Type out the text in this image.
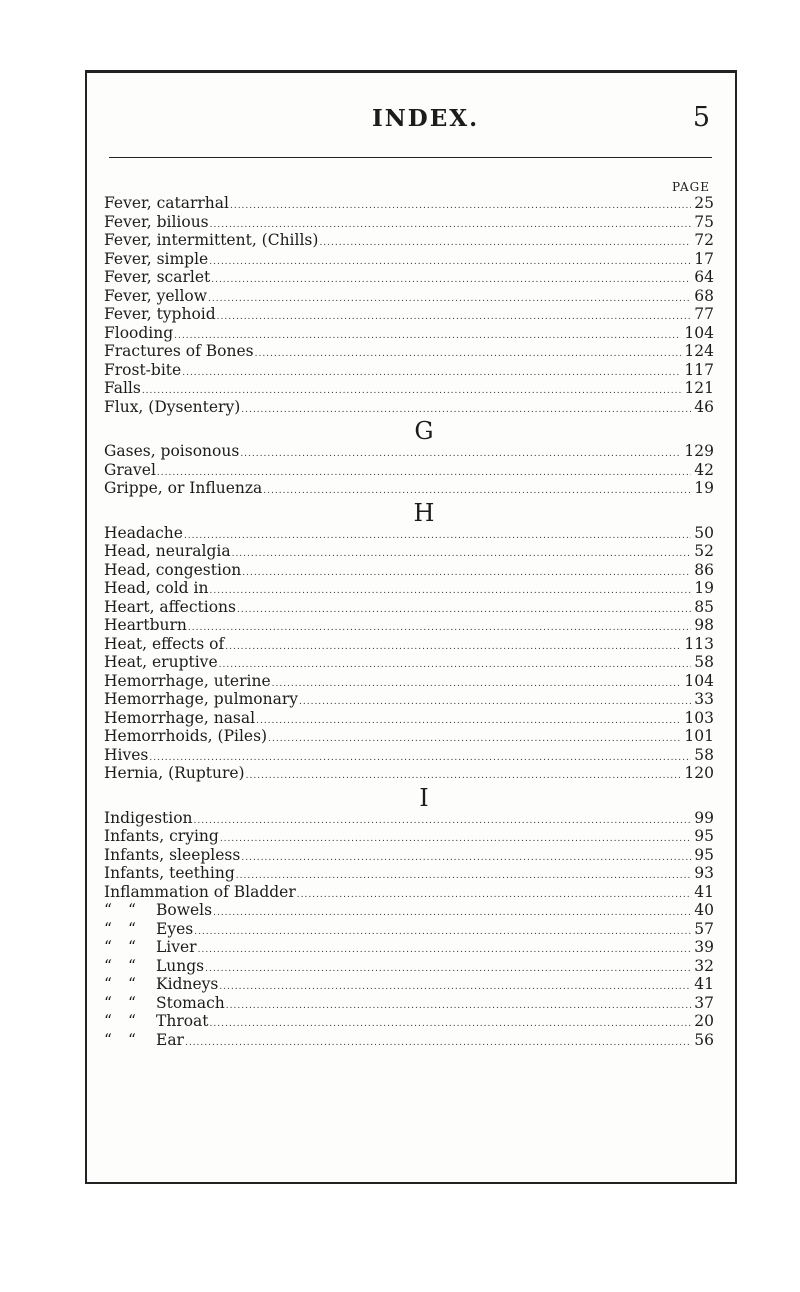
INDEX.	5
PAGE
Fever, catarrhal .....	25
Fever, bilious .....	75
Fever, intermittent, (Chills) .....	72
Fever, simple .....	17
Fever, scarlet .....	64
Fever, yellow .....	68
Fever, typhoid .....	77
Flooding .....	104
Fractures of Bones .....	124
Frost-bite .....	117
Falls .....	121
Flux, (Dysentery) .....	46
G
Gases, poisonous .....	129
Gravel .....	42
Grippe, or Influenza .....	19
H
Headache .....	50
Head, neuralgia .....	52
Head, congestion .....	86
Head, cold in .....	19
Heart, affections .....	85
Heartburn .....	98
Heat, effects of .....	113
Heat, eruptive .....	58
Hemorrhage, uterine .....	104
Hemorrhage, pulmonary .....	33
Hemorrhage, nasal .....	103
Hemorrhoids, (Piles) .....	101
Hives .....	58
Hernia, (Rupture) .....	120
I
Indigestion .....	99
Infants, crying .....	95
Infants, sleepless .....	95
Infants, teething .....	93
Inflammation of Bladder .....	41
“	“	Bowels .....	40
“	“	Eyes .....	57
“	“	Liver .....	39
“	“	Lungs .....	32
“	“	Kidneys .....	41
“	“	Stomach .....	37
“	“	Throat .....	20
“	“	Ear .....	56
